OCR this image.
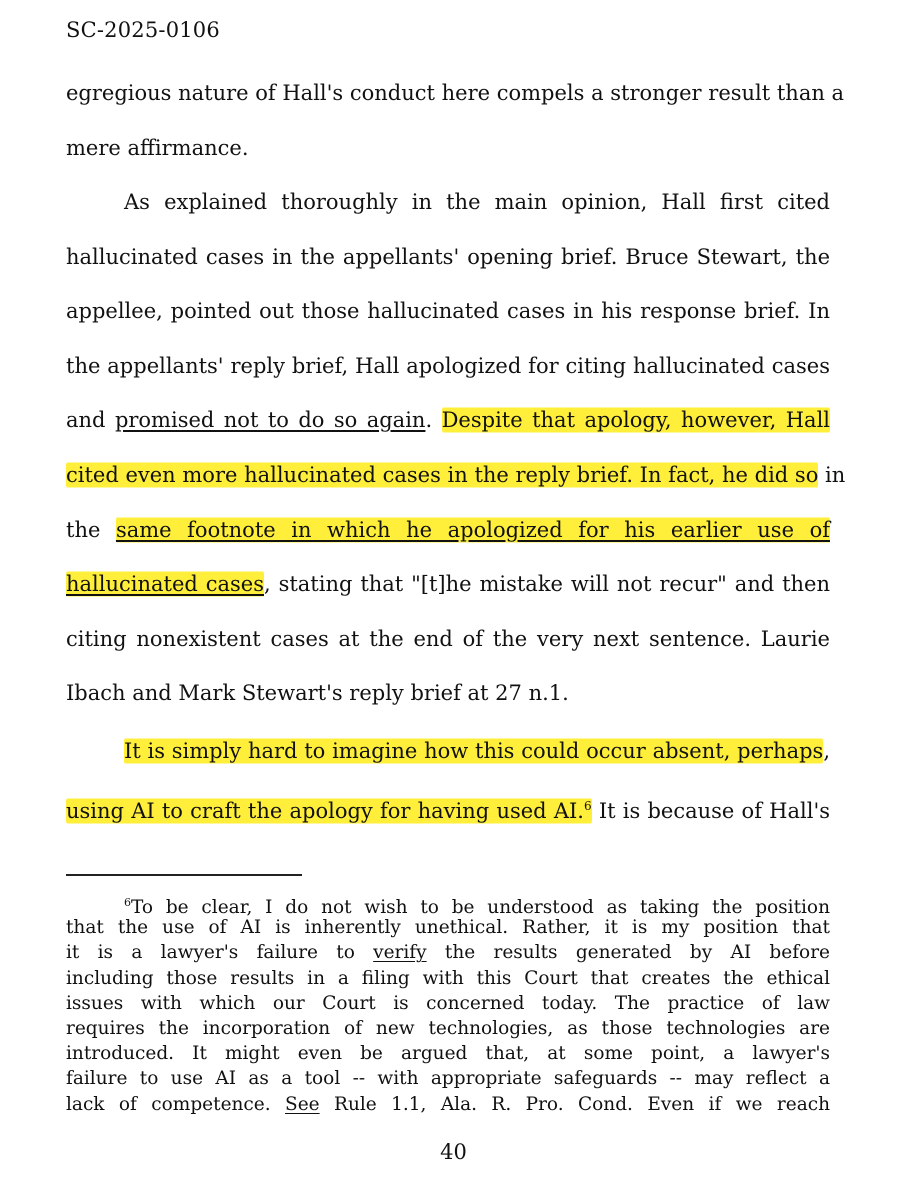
SC-2025-0106
egregious nature of Hall's conduct here compels a stronger result than a
mere affirmance.
As explained thoroughly in the main opinion, Hall first cited
hallucinated cases in the appellants' opening brief. Bruce Stewart, the
appellee, pointed out those hallucinated cases in his response brief. In
the appellants' reply brief, Hall apologized for citing hallucinated cases
and promised not to do so again. Despite that apology, however, Hall
cited even more hallucinated cases in the reply brief. In fact, he did so in
the same footnote in which he apologized for his earlier use of
hallucinated cases, stating that "[t]he mistake will not recur" and then
citing nonexistent cases at the end of the very next sentence. Laurie
Ibach and Mark Stewart's reply brief at 27 n.1.
It is simply hard to imagine how this could occur absent, perhaps,
using AI to craft the apology for having used AI.$^6$ It is because of Hall's
$^6$To be clear, I do not wish to be understood as taking the position
that the use of AI is inherently unethical. Rather, it is my position that
it is a lawyer's failure to verify the results generated by AI before
including those results in a filing with this Court that creates the ethical
issues with which our Court is concerned today. The practice of law
requires the incorporation of new technologies, as those technologies are
introduced. It might even be argued that, at some point, a lawyer's
failure to use AI as a tool -- with appropriate safeguards -- may reflect a
lack of competence. See Rule 1.1, Ala. R. Pro. Cond. Even if we reach
40
